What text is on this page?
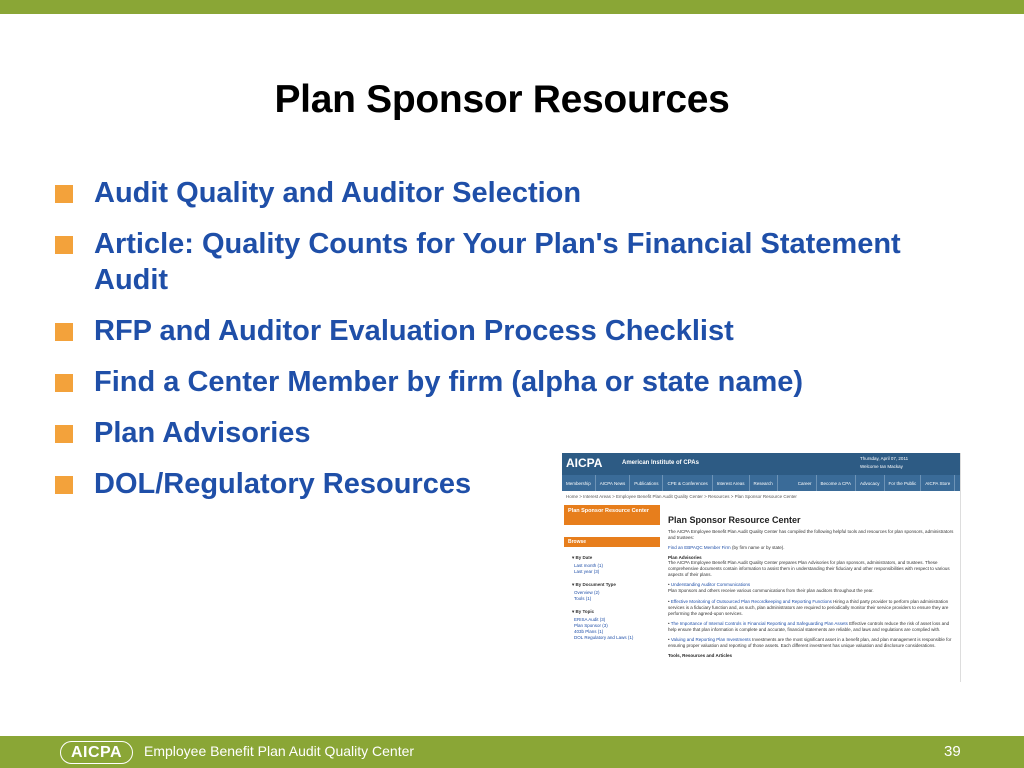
Plan Sponsor Resources
Audit Quality and Auditor Selection
Article: Quality Counts for Your Plan's Financial Statement Audit
RFP and Auditor Evaluation Process Checklist
Find a Center Member by firm (alpha or state name)
Plan Advisories
DOL/Regulatory Resources
AICPA	American Institute of CPAs
Thursday, April 07, 2011
Welcome Ian Mackay
Membership	AICPA News	Publications	CPE & Conferences	Interest Areas	Research	Career	Become a CPA	Advocacy	For the Public	AICPA Store
Home > Interest Areas > Employee Benefit Plan Audit Quality Center > Resources > Plan Sponsor Resource Center
Plan Sponsor Resource Center
Browse
▾ By Date
Last month (1)
Last year (3)
▾ By Document Type
Overview (2)
Tools (1)
▾ By Topic
ERISA Audit (3)
Plan Sponsor (3)
403b Plans (1)
DOL Regulatory and Laws (1)
Plan Sponsor Resource Center
The AICPA Employee Benefit Plan Audit Quality Center has compiled the following helpful tools and resources for plan sponsors, administrators and trustees:
Find an EBPAQC Member Firm (by firm name or by state).
Plan Advisories
The AICPA Employee Benefit Plan Audit Quality Center prepares Plan Advisories for plan sponsors, administrators, and trustees. These comprehensive documents contain information to assist them in understanding their fiduciary and other responsibilities with respect to various aspects of their plans.
• Understanding Auditor Communications
Plan Sponsors and others receive various communications from their plan auditors throughout the year.
• Effective Monitoring of Outsourced Plan Recordkeeping and Reporting Functions Hiring a third party provider to perform plan administration services is a fiduciary function and, as such, plan administrators are required to periodically monitor their service providers to ensure they are performing the agreed-upon services.
• The Importance of Internal Controls in Financial Reporting and Safeguarding Plan Assets Effective controls reduce the risk of asset loss and help ensure that plan information is complete and accurate, financial statements are reliable, and laws and regulations are complied with.
• Valuing and Reporting Plan Investments Investments are the most significant asset in a benefit plan, and plan management is responsible for ensuring proper valuation and reporting of those assets. Each different investment has unique valuation and disclosure considerations.
Tools, Resources and Articles
AICPA	Employee Benefit Plan Audit Quality Center	39
